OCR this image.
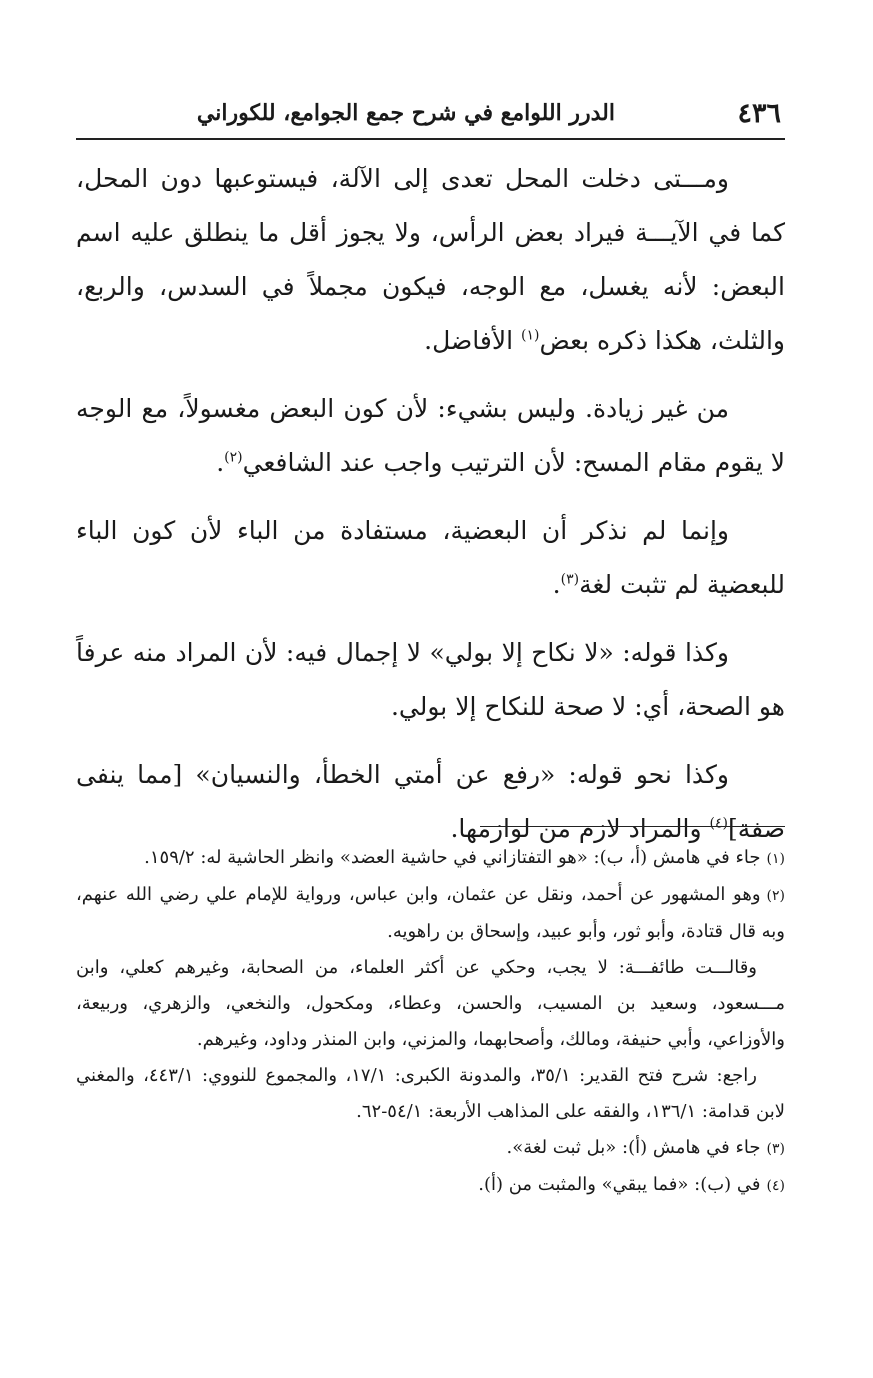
٤٣٦
الدرر اللوامع في شرح جمع الجوامع، للكوراني

ومـــتى دخلت المحل تعدى إلى الآلة، فيستوعبها دون المحل، كما في الآيـــة فيراد بعض الرأس، ولا يجوز أقل ما ينطلق عليه اسم البعض: لأنه يغسل، مع الوجه، فيكون مجملاً في السدس، والربع، والثلث، هكذا ذكره بعض$^{(١)}$ الأفاضل.

من غير زيادة. وليس بشيء: لأن كون البعض مغسولاً، مع الوجه لا يقوم مقام المسح: لأن الترتيب واجب عند الشافعي$^{(٢)}$.

وإنما لم نذكر أن البعضية، مستفادة من الباء لأن كون الباء للبعضية لم تثبت لغة$^{(٣)}$.

وكذا قوله: «لا نكاح إلا بولي» لا إجمال فيه: لأن المراد منه عرفاً هو الصحة، أي: لا صحة للنكاح إلا بولي.

وكذا نحو قوله: «رفع عن أمتي الخطأ، والنسيان» [مما ينفى صفة]$^{(٤)}$ والمراد لازم من لوازمها.

(١)جاء في هامش (أ، ب): «هو التفتازاني في حاشية العضد» وانظر الحاشية له: ١٥٩/٢.

(٢)وهو المشهور عن أحمد، ونقل عن عثمان، وابن عباس، ورواية للإمام علي رضي الله عنهم، وبه قال قتادة، وأبو ثور، وأبو عبيد، وإسحاق بن راهويه.

وقالـــت طائفـــة: لا يجب، وحكي عن أكثر العلماء، من الصحابة، وغيرهم كعلي، وابن مـــسعود، وسعيد بن المسيب، والحسن، وعطاء، ومكحول، والنخعي، والزهري، وربيعة، والأوزاعي، وأبي حنيفة، ومالك، وأصحابهما، والمزني، وابن المنذر وداود، وغيرهم.

راجع: شرح فتح القدير: ٣٥/١، والمدونة الكبرى: ١٧/١، والمجموع للنووي: ٤٤٣/١، والمغني لابن قدامة: ١٣٦/١، والفقه على المذاهب الأربعة: ٥٤/١-٦٢.

(٣)جاء في هامش (أ): «بل ثبت لغة».

(٤)في (ب): «فما يبقي» والمثبت من (أ).
